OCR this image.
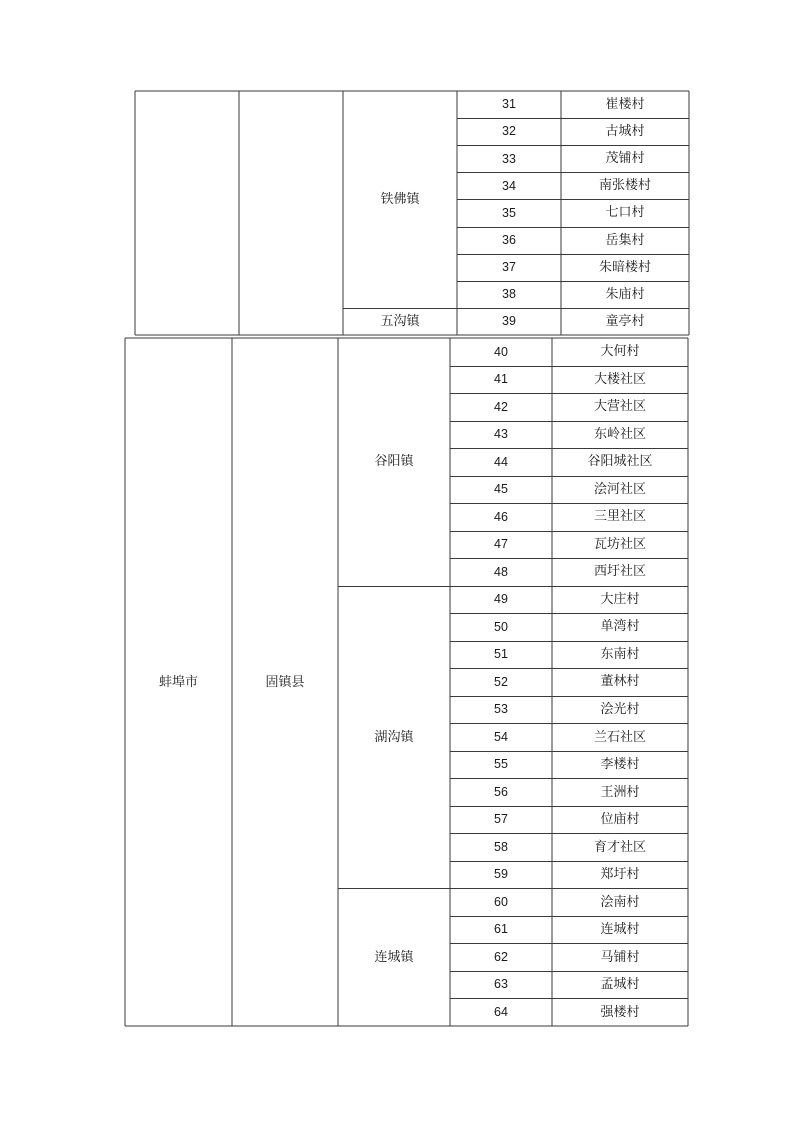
铁佛镇
31	崔楼村
32	古城村
33	茂铺村
34	南张楼村
35	七口村
36	岳集村
37	朱暗楼村
38	朱庙村
五沟镇	39	童亭村
蚌埠市	固镇县
谷阳镇
40	大何村
41	大楼社区
42	大营社区
43	东岭社区
44	谷阳城社区
45	浍河社区
46	三里社区
47	瓦坊社区
48	西圩社区
湖沟镇
49	大庄村
50	单湾村
51	东南村
52	董林村
53	浍光村
54	兰石社区
55	李楼村
56	王洲村
57	位庙村
58	育才社区
59	郑圩村
连城镇
60	浍南村
61	连城村
62	马铺村
63	孟城村
64	强楼村
